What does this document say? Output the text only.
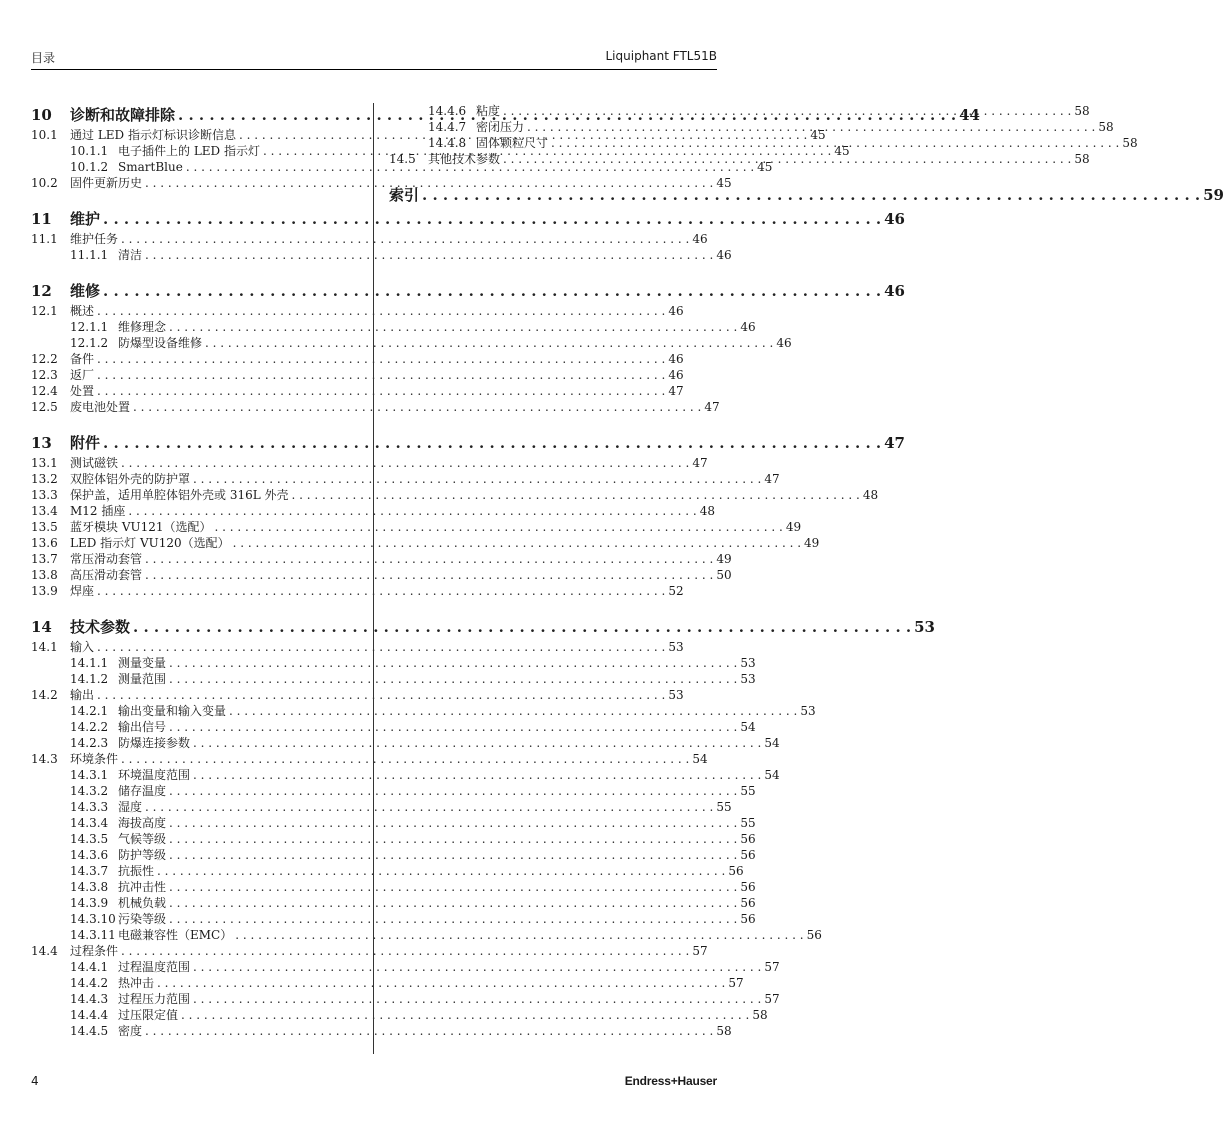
目录	Liquiphant FTL51B
10	诊断和故障排除 . . .	44
10.1	通过 LED 指示灯标识诊断信息 . . .	45
10.1.1 电子插件上的 LED 指示灯 . . .	45
10.1.2 SmartBlue . . .	45
10.2	固件更新历史 . . .	45
11	维护 . . .	46
11.1	维护任务 . . .	46
11.1.1 清洁 . . .	46
12	维修 . . .	46
12.1	概述 . . .	46
12.1.1 维修理念 . . .	46
12.1.2 防爆型设备维修 . . .	46
12.2	备件 . . .	46
12.3	返厂 . . .	46
12.4	处置 . . .	47
12.5	废电池处置 . . .	47
13	附件 . . .	47
13.1	测试磁铁 . . .	47
13.2	双腔体铝外壳的防护罩 . . .	47
13.3	保护盖，适用单腔体铝外壳或 316L 外壳 . . .	48
13.4	M12 插座 . . .	48
13.5	蓝牙模块 VU121（选配） . . .	49
13.6	LED 指示灯 VU120（选配） . . .	49
13.7	常压滑动套管 . . .	49
13.8	高压滑动套管 . . .	50
13.9	焊座 . . .	52
14	技术参数 . . .	53
14.1	输入 . . .	53
14.1.1 测量变量 . . .	53
14.1.2 测量范围 . . .	53
14.2	输出 . . .	53
14.2.1 输出变量和输入变量 . . .	53
14.2.2 输出信号 . . .	54
14.2.3 防爆连接参数 . . .	54
14.3	环境条件 . . .	54
14.3.1 环境温度范围 . . .	54
14.3.2 储存温度 . . .	55
14.3.3 湿度 . . .	55
14.3.4 海拔高度 . . .	55
14.3.5 气候等级 . . .	56
14.3.6 防护等级 . . .	56
14.3.7 抗振性 . . .	56
14.3.8 抗冲击性 . . .	56
14.3.9 机械负载 . . .	56
14.3.10 污染等级 . . .	56
14.3.11 电磁兼容性（EMC） . . .	56
14.4	过程条件 . . .	57
14.4.1 过程温度范围 . . .	57
14.4.2 热冲击 . . .	57
14.4.3 过程压力范围 . . .	57
14.4.4 过压限定值 . . .	58
14.4.5 密度 . . .	58
14.4.6 粘度 . . .	58
14.4.7 密闭压力 . . .	58
14.4.8 固体颗粒尺寸 . . .	58
14.5	其他技术参数 . . .	58
索引 . . .	59
4	Endress+Hauser
